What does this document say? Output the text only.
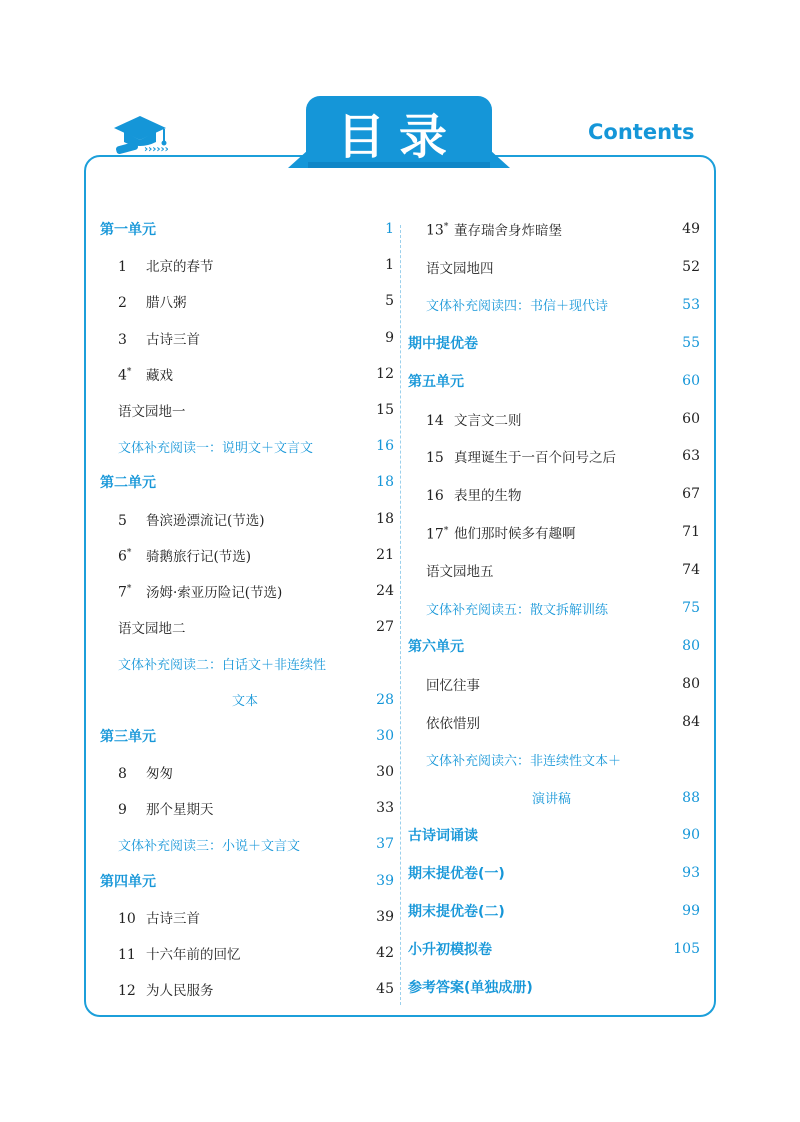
››››››	目录	Contents
第一单元	1
1 北京的春节	1
2 腊八粥	5
3 古诗三首	9
4* 藏戏	12
语文园地一	15
文体补充阅读一：说明文＋文言文	16
第二单元	18
5 鲁滨逊漂流记(节选)	18
6* 骑鹅旅行记(节选)	21
7* 汤姆·索亚历险记(节选)	24
语文园地二	27
文体补充阅读二：白话文＋非连续性
文本	28
第三单元	30
8 匆匆	30
9 那个星期天	33
文体补充阅读三：小说＋文言文	37
第四单元	39
10 古诗三首	39
11 十六年前的回忆	42
12 为人民服务	45
13* 董存瑞舍身炸暗堡	49
语文园地四	52
文体补充阅读四：书信＋现代诗	53
期中提优卷	55
第五单元	60
14 文言文二则	60
15 真理诞生于一百个问号之后	63
16 表里的生物	67
17* 他们那时候多有趣啊	71
语文园地五	74
文体补充阅读五：散文拆解训练	75
第六单元	80
回忆往事	80
依依惜别	84
文体补充阅读六：非连续性文本＋
演讲稿	88
古诗词诵读	90
期末提优卷(一)	93
期末提优卷(二)	99
小升初模拟卷	105
参考答案(单独成册)
